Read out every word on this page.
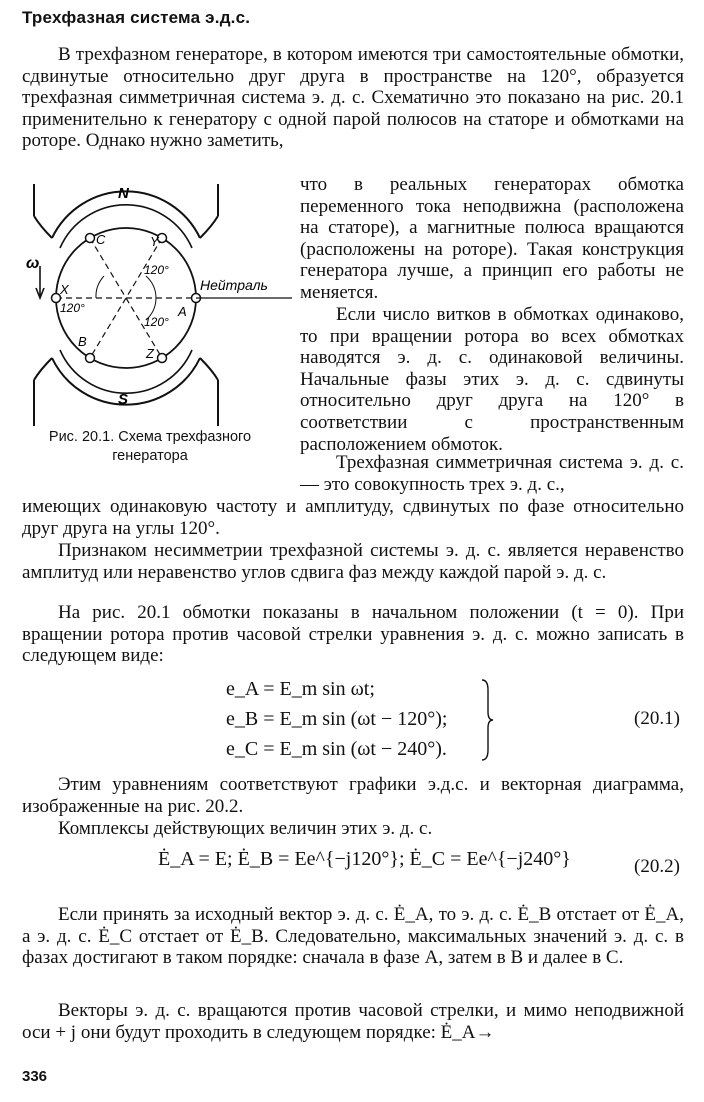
Трехфазная система э.д.с.

В трехфазном генераторе, в котором имеются три самостоятельные обмотки, сдвинутые относительно друг друга в пространстве на 120°, образуется трехфазная симметричная система э. д. с. Схематично это показано на рис. 20.1 применительно к генератору с одной парой полюсов на статоре и обмотками на роторе. Однако нужно заметить,

N
S
ω
Нейтраль
C	Y
X
A
B
Z
120°
120°
120°
Рис. 20.1. Схема трехфазного генератора

что в реальных генераторах обмотка переменного тока неподвижна (расположена на статоре), а магнитные полюса вращаются (расположены на роторе). Такая конструкция генератора лучше, а принцип его работы не меняется.

Если число витков в обмотках одинаково, то при вращении ротора во всех обмотках наводятся э. д. с. одинаковой величины. Начальные фазы этих э. д. с. сдвинуты относительно друг друга на 120° в соответствии с пространственным расположением обмоток.

Трехфазная симметричная система э. д. с. — это совокупность трех э. д. с.,

имеющих одинаковую частоту и амплитуду, сдвинутых по фазе относительно друг друга на углы 120°.

Признаком несимметрии трехфазной системы э. д. с. является неравенство амплитуд или неравенство углов сдвига фаз между каждой парой э. д. с.

На рис. 20.1 обмотки показаны в начальном положении (t = 0). При вращении ротора против часовой стрелки уравнения э. д. с. можно записать в следующем виде:

e_A = E_m sin ωt;
e_B = E_m sin (ωt − 120°);
e_C = E_m sin (ωt − 240°).
(20.1)

Этим уравнениям соответствуют графики э.д.с. и векторная диаграмма, изображенные на рис. 20.2.

Комплексы действующих величин этих э. д. с.

Ė_A = E; Ė_B = Ee^{−j120°}; Ė_C = Ee^{−j240°}	(20.2)

Если принять за исходный вектор э. д. с. Ė_A, то э. д. с. Ė_B отстает от Ė_A, а э. д. с. Ė_C отстает от Ė_B. Следовательно, максимальных значений э. д. с. в фазах достигают в таком порядке: сначала в фазе A, затем в B и далее в C.

Векторы э. д. с. вращаются против часовой стрелки, и мимо неподвижной оси + j они будут проходить в следующем порядке: Ė_A→

336
